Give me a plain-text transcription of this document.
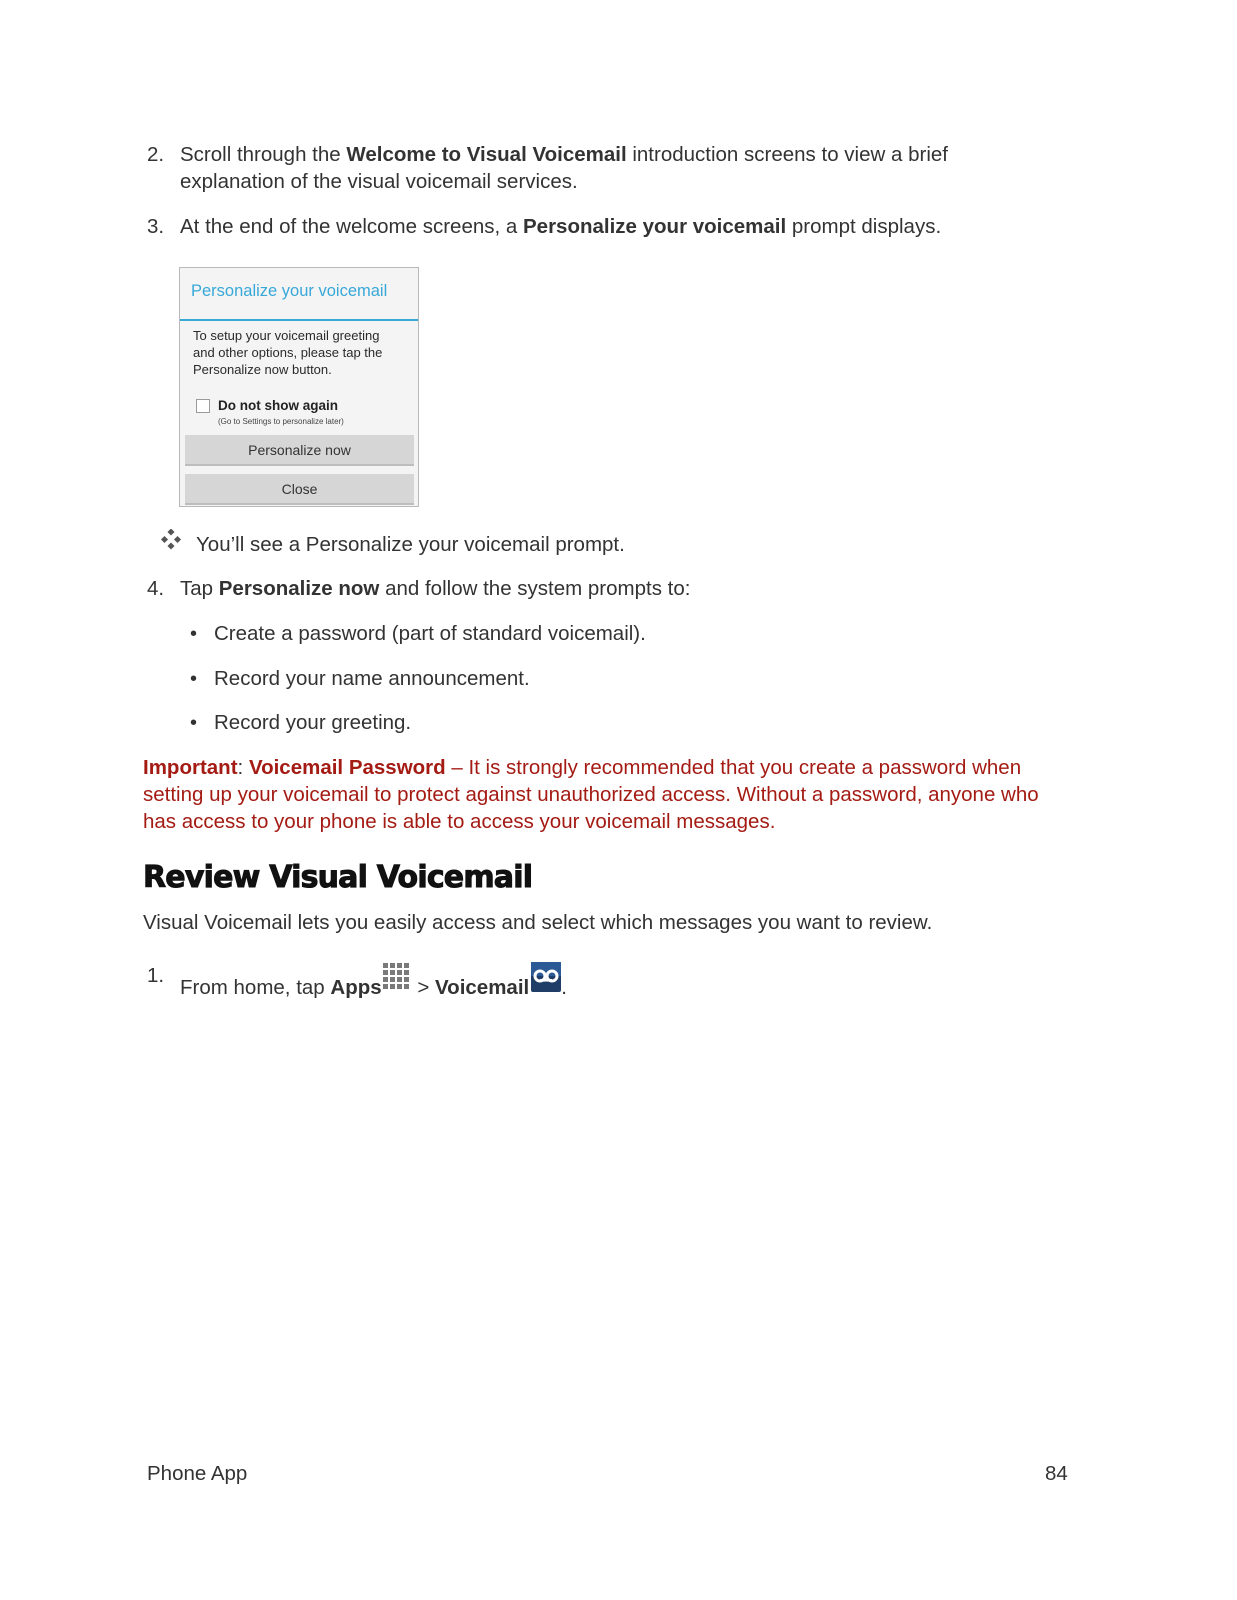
2. Scroll through the Welcome to Visual Voicemail introduction screens to view a brief
explanation of the visual voicemail services.
3. At the end of the welcome screens, a Personalize your voicemail prompt displays.
Personalize your voicemail
To setup your voicemail greeting
and other options, please tap the
Personalize now button.
Do not show again
(Go to Settings to personalize later)
Personalize now
Close
You’ll see a Personalize your voicemail prompt.
4. Tap Personalize now and follow the system prompts to:
• Create a password (part of standard voicemail).
• Record your name announcement.
• Record your greeting.
Important: Voicemail Password – It is strongly recommended that you create a password when setting up your voicemail to protect against unauthorized access. Without a password, anyone who has access to your phone is able to access your voicemail messages.
Review Visual Voicemail
Visual Voicemail lets you easily access and select which messages you want to review.
1.
From home, tap Apps > Voicemail .
Phone App	84
